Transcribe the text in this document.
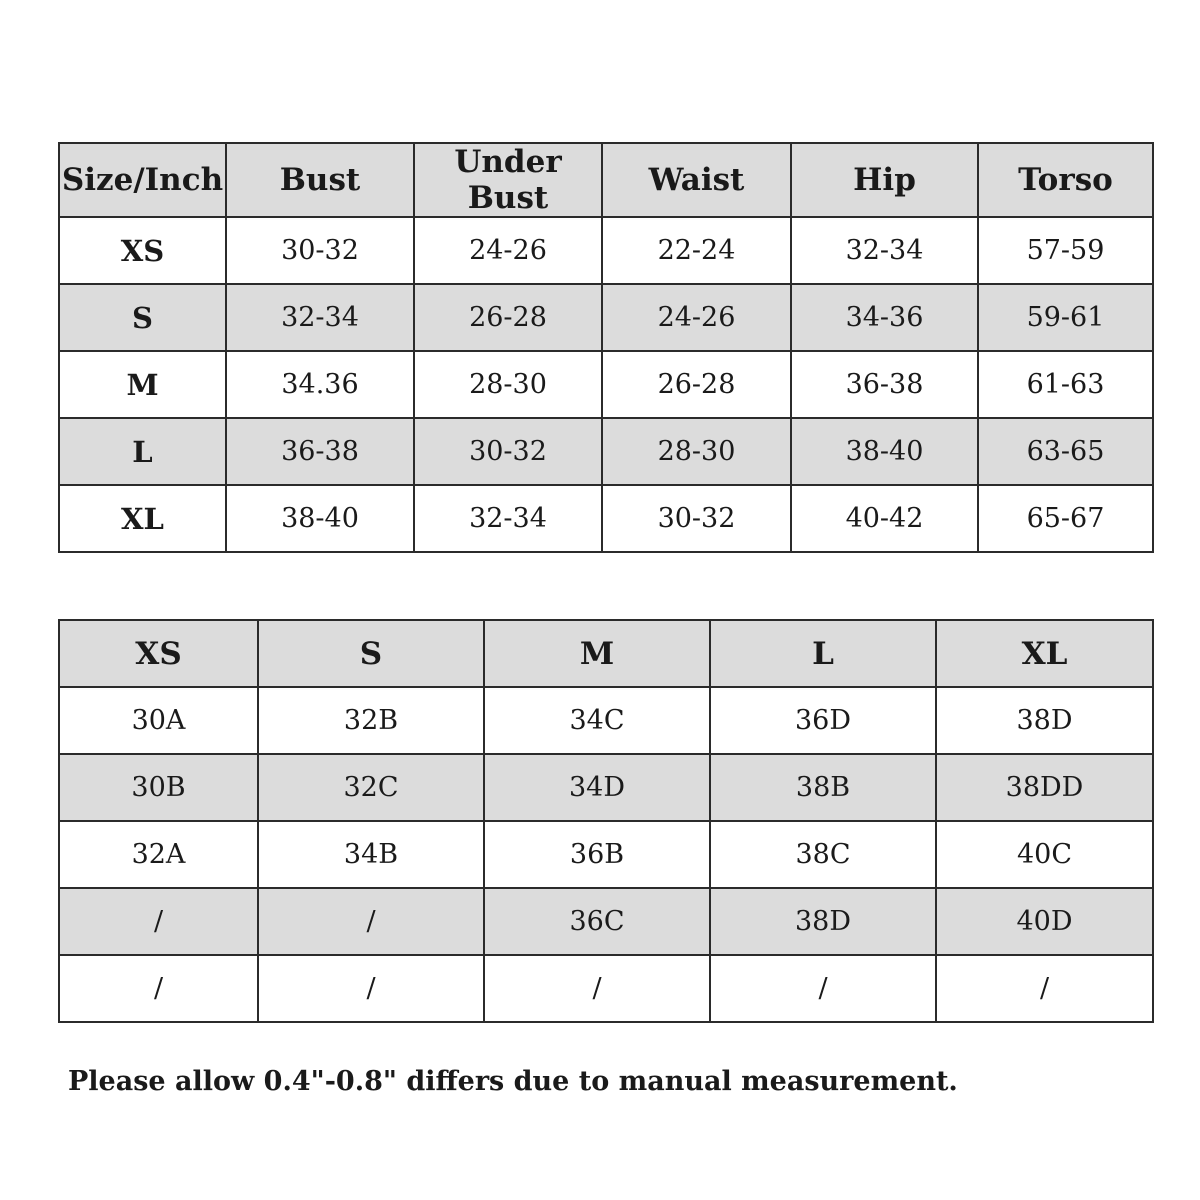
Size/Inch	Bust	Under Bust	Waist	Hip	Torso
XS	30-32	24-26	22-24	32-34	57-59
S	32-34	26-28	24-26	34-36	59-61
M	34.36	28-30	26-28	36-38	61-63
L	36-38	30-32	28-30	38-40	63-65
XL	38-40	32-34	30-32	40-42	65-67
XS	S	M	L	XL
30A	32B	34C	36D	38D
30B	32C	34D	38B	38DD
32A	34B	36B	38C	40C
/	/	36C	38D	40D
/	/	/	/	/
Please allow 0.4"-0.8" differs due to manual measurement.
